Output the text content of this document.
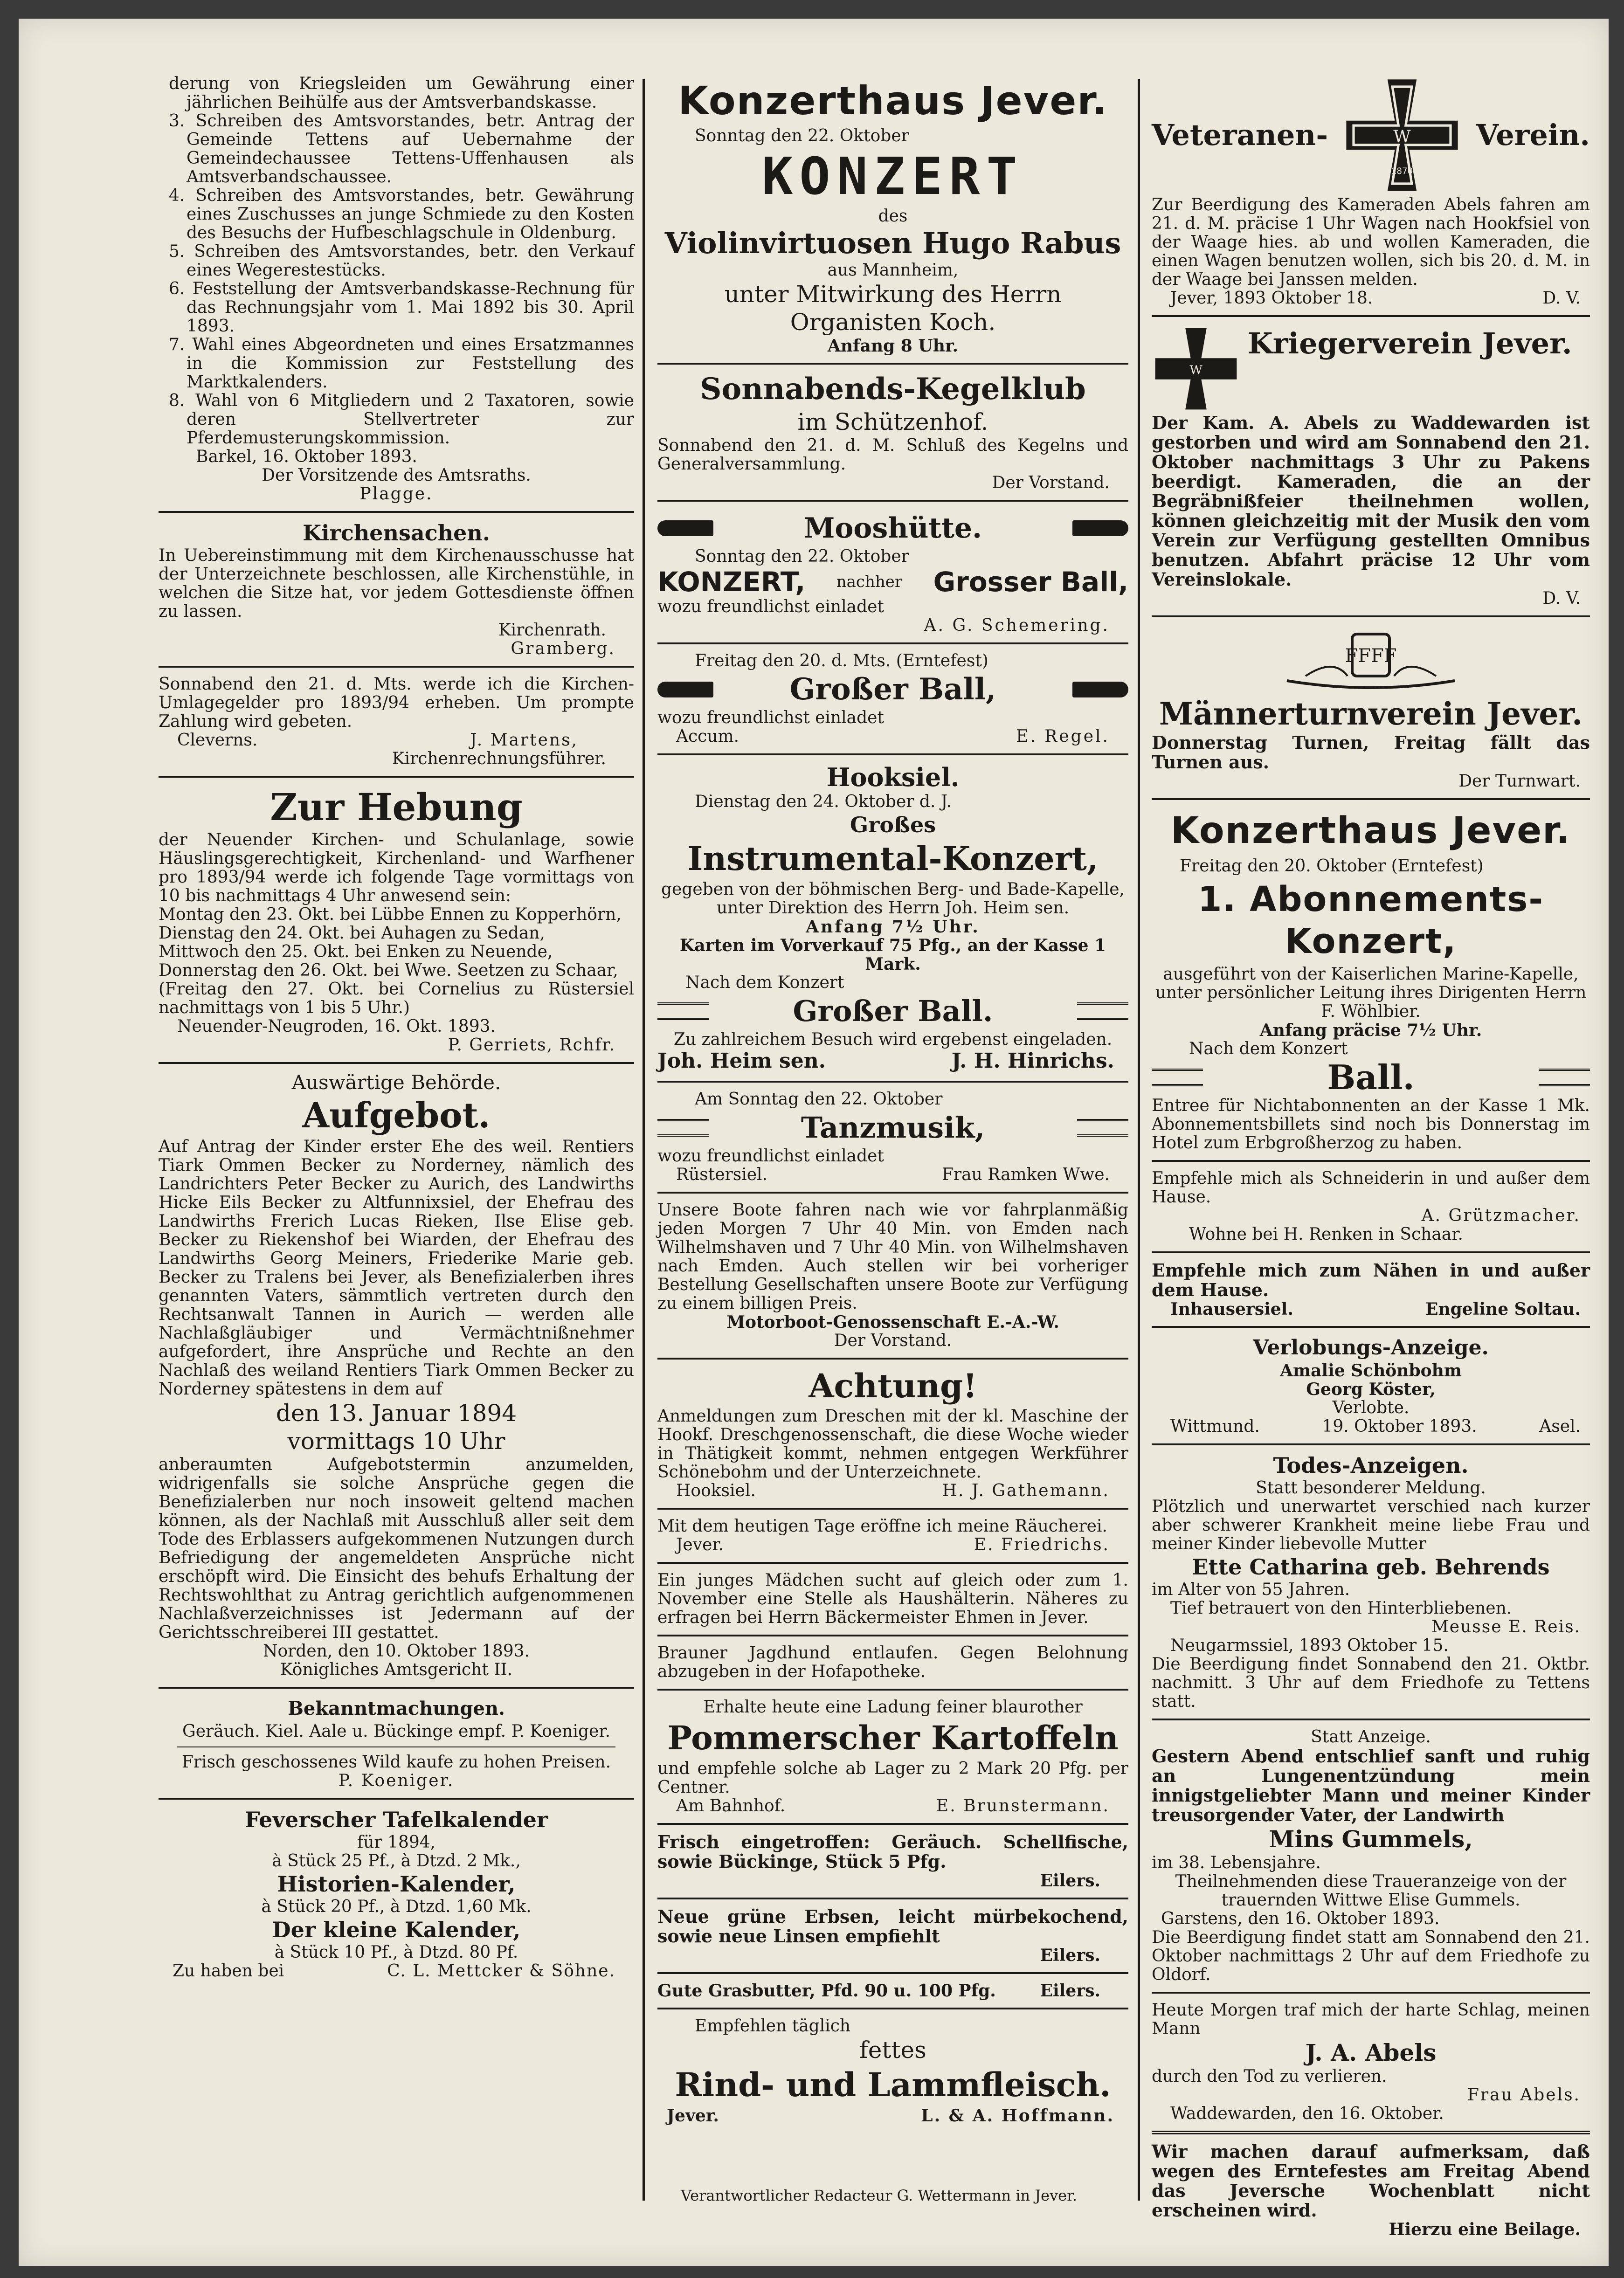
derung von Kriegsleiden um Gewährung einer jährlichen Beihülfe aus der Amtsverbandskasse.

3. Schreiben des Amtsvorstandes, betr. Antrag der Gemeinde Tettens auf Uebernahme der Gemeindechaussee Tettens-Uffenhausen als Amtsverbandschaussee.

4. Schreiben des Amtsvorstandes, betr. Gewährung eines Zuschusses an junge Schmiede zu den Kosten des Besuchs der Hufbeschlagschule in Oldenburg.

5. Schreiben des Amtsvorstandes, betr. den Verkauf eines Wegerestestücks.

6. Feststellung der Amtsverbandskasse-Rechnung für das Rechnungsjahr vom 1. Mai 1892 bis 30. April 1893.

7. Wahl eines Abgeordneten und eines Ersatzmannes in die Kommission zur Feststellung des Marktkalenders.

8. Wahl von 6 Mitgliedern und 2 Taxatoren, sowie deren Stellvertreter zur Pferdemusterungskommission.

Barkel, 16. Oktober 1893.

Der Vorsitzende des Amtsraths.

Plagge.

Kirchensachen.

In Uebereinstimmung mit dem Kirchenausschusse hat der Unterzeichnete beschlossen, alle Kirchenstühle, in welchen die Sitze hat, vor jedem Gottesdienste öffnen zu lassen.

Kirchenrath.

Gramberg.

Sonnabend den 21. d. Mts. werde ich die Kirchen-Umlagegelder pro 1893/94 erheben. Um prompte Zahlung wird gebeten.

Cleverns.	J. Martens,

Kirchenrechnungsführer.

Zur Hebung

der Neuender Kirchen- und Schulanlage, sowie Häuslingsgerechtigkeit, Kirchenland- und Warfhener pro 1893/94 werde ich folgende Tage vormittags von 10 bis nachmittags 4 Uhr anwesend sein:

Montag den 23. Okt. bei Lübbe Ennen zu Kopperhörn,

Dienstag den 24. Okt. bei Auhagen zu Sedan,

Mittwoch den 25. Okt. bei Enken zu Neuende,

Donnerstag den 26. Okt. bei Wwe. Seetzen zu Schaar,

(Freitag den 27. Okt. bei Cornelius zu Rüstersiel nachmittags von 1 bis 5 Uhr.)

Neuender-Neugroden, 16. Okt. 1893.

P. Gerriets, Rchfr.

Auswärtige Behörde.

Aufgebot.

Auf Antrag der Kinder erster Ehe des weil. Rentiers Tiark Ommen Becker zu Norderney, nämlich des Landrichters Peter Becker zu Aurich, des Landwirths Hicke Eils Becker zu Altfunnixsiel, der Ehefrau des Landwirths Frerich Lucas Rieken, Ilse Elise geb. Becker zu Riekenshof bei Wiarden, der Ehefrau des Landwirths Georg Meiners, Friederike Marie geb. Becker zu Tralens bei Jever, als Benefizialerben ihres genannten Vaters, sämmtlich vertreten durch den Rechtsanwalt Tannen in Aurich — werden alle Nachlaßgläubiger und Vermächtnißnehmer aufgefordert, ihre Ansprüche und Rechte an den Nachlaß des weiland Rentiers Tiark Ommen Becker zu Norderney spätestens in dem auf

den 13. Januar 1894
vormittags 10 Uhr

anberaumten Aufgebotstermin anzumelden, widrigenfalls sie solche Ansprüche gegen die Benefizialerben nur noch insoweit geltend machen können, als der Nachlaß mit Ausschluß aller seit dem Tode des Erblassers aufgekommenen Nutzungen durch Befriedigung der angemeldeten Ansprüche nicht erschöpft wird. Die Einsicht des behufs Erhaltung der Rechtswohlthat zu Antrag gerichtlich aufgenommenen Nachlaßverzeichnisses ist Jedermann auf der Gerichtsschreiberei III gestattet.

Norden, den 10. Oktober 1893.

Königliches Amtsgericht II.

Bekanntmachungen.

Geräuch. Kiel. Aale u. Bückinge empf. P. Koeniger.

Frisch geschossenes Wild kaufe zu hohen Preisen.

P. Koeniger.

Feverscher Tafelkalender

für 1894,

à Stück 25 Pf., à Dtzd. 2 Mk.,

Historien-Kalender,

à Stück 20 Pf., à Dtzd. 1,60 Mk.

Der kleine Kalender,

à Stück 10 Pf., à Dtzd. 80 Pf.

Zu haben bei	C. L. Mettcker & Söhne.
Konzerthaus Jever.

Sonntag den 22. Oktober

KONZERT

des

Violinvirtuosen Hugo Rabus

aus Mannheim,

unter Mitwirkung des Herrn
Organisten Koch.

Anfang 8 Uhr.

Sonnabends-Kegelklub
im Schützenhof.

Sonnabend den 21. d. M. Schluß des Kegelns und Generalversammlung.

Der Vorstand.

Mooshütte.

Sonntag den 22. Oktober

KONZERT, nachher Grosser Ball,

wozu freundlichst einladet

A. G. Schemering.

Freitag den 20. d. Mts. (Erntefest)

Großer Ball,

wozu freundlichst einladet

Accum.	E. Regel.
Hooksiel.

Dienstag den 24. Oktober d. J.

Großes
Instrumental-Konzert,

gegeben von der böhmischen Berg- und Bade-Kapelle, unter Direktion des Herrn Joh. Heim sen.

Anfang 7½ Uhr.

Karten im Vorverkauf 75 Pfg., an der Kasse 1 Mark.

Nach dem Konzert

Großer Ball.

Zu zahlreichem Besuch wird ergebenst eingeladen.

Joh. Heim sen.	J. H. Hinrichs.

Am Sonntag den 22. Oktober

Tanzmusik,

wozu freundlichst einladet

Rüstersiel.	Frau Ramken Wwe.

Unsere Boote fahren nach wie vor fahrplanmäßig jeden Morgen 7 Uhr 40 Min. von Emden nach Wilhelmshaven und 7 Uhr 40 Min. von Wilhelmshaven nach Emden. Auch stellen wir bei vorheriger Bestellung Gesellschaften unsere Boote zur Verfügung zu einem billigen Preis.

Motorboot-Genossenschaft E.-A.-W.

Der Vorstand.

Achtung!

Anmeldungen zum Dreschen mit der kl. Maschine der Hookf. Dreschgenossenschaft, die diese Woche wieder in Thätigkeit kommt, nehmen entgegen Werkführer Schönebohm und der Unterzeichnete.

Hooksiel.	H. J. Gathemann.

Mit dem heutigen Tage eröffne ich meine Räucherei.

Jever.	E. Friedrichs.

Ein junges Mädchen sucht auf gleich oder zum 1. November eine Stelle als Haushälterin. Näheres zu erfragen bei Herrn Bäckermeister Ehmen in Jever.

Brauner Jagdhund entlaufen. Gegen Belohnung abzugeben in der Hofapotheke.

Erhalte heute eine Ladung feiner blaurother

Pommerscher Kartoffeln

und empfehle solche ab Lager zu 2 Mark 20 Pfg. per Centner.

Am Bahnhof.	E. Brunstermann.

Frisch eingetroffen: Geräuch. Schellfische, sowie Bückinge, Stück 5 Pfg.

Eilers.

Neue grüne Erbsen, leicht mürbekochend, sowie neue Linsen empfiehlt

Eilers.

Gute Grasbutter, Pfd. 90 u. 100 Pfg.	Eilers.

Empfehlen täglich

fettes
Rind- und Lammfleisch.
Jever.	L. & A. Hoffmann.
Verantwortlicher Redacteur G. Wettermann in Jever.
Veteranen-	W
1870
Verein.

Zur Beerdigung des Kameraden Abels fahren am 21. d. M. präcise 1 Uhr Wagen nach Hookfsiel von der Waage hies. ab und wollen Kameraden, die einen Wagen benutzen wollen, sich bis 20. d. M. in der Waage bei Janssen melden.

Jever, 1893 Oktober 18.	D. V.
W
Kriegerverein Jever.

Der Kam. A. Abels zu Waddewarden ist gestorben und wird am Sonnabend den 21. Oktober nachmittags 3 Uhr zu Pakens beerdigt. Kameraden, die an der Begräbnißfeier theilnehmen wollen, können gleichzeitig mit der Musik den vom Verein zur Verfügung gestellten Omnibus benutzen. Abfahrt präcise 12 Uhr vom Vereinslokale.

D. V.

FFFF
Männerturnverein Jever.

Donnerstag Turnen, Freitag fällt das Turnen aus.

Der Turnwart.

Konzerthaus Jever.

Freitag den 20. Oktober (Erntefest)

1. Abonnements-Konzert,

ausgeführt von der Kaiserlichen Marine-Kapelle, unter persönlicher Leitung ihres Dirigenten Herrn F. Wöhlbier.

Anfang präcise 7½ Uhr.

Nach dem Konzert

Ball.

Entree für Nichtabonnenten an der Kasse 1 Mk. Abonnementsbillets sind noch bis Donnerstag im Hotel zum Erbgroßherzog zu haben.

Empfehle mich als Schneiderin in und außer dem Hause.

A. Grützmacher.

Wohne bei H. Renken in Schaar.

Empfehle mich zum Nähen in und außer dem Hause.

Inhausersiel.	Engeline Soltau.
Verlobungs-Anzeige.

Amalie Schönbohm

Georg Köster,

Verlobte.

Wittmund.	19. Oktober 1893.	Asel.
Todes-Anzeigen.

Statt besonderer Meldung.

Plötzlich und unerwartet verschied nach kurzer aber schwerer Krankheit meine liebe Frau und meiner Kinder liebevolle Mutter

Ette Catharina geb. Behrends

im Alter von 55 Jahren.

Tief betrauert von den Hinterbliebenen.

Meusse E. Reis.

Neugarmssiel, 1893 Oktober 15.

Die Beerdigung findet Sonnabend den 21. Oktbr. nachmitt. 3 Uhr auf dem Friedhofe zu Tettens statt.

Statt Anzeige.

Gestern Abend entschlief sanft und ruhig an Lungenentzündung mein innigstgeliebter Mann und meiner Kinder treusorgender Vater, der Landwirth

Mins Gummels,

im 38. Lebensjahre.

Theilnehmenden diese Traueranzeige von der trauernden Wittwe Elise Gummels.

Garstens, den 16. Oktober 1893.

Die Beerdigung findet statt am Sonnabend den 21. Oktober nachmittags 2 Uhr auf dem Friedhofe zu Oldorf.

Heute Morgen traf mich der harte Schlag, meinen Mann

J. A. Abels

durch den Tod zu verlieren.

Frau Abels.

Waddewarden, den 16. Oktober.

Wir machen darauf aufmerksam, daß wegen des Erntefestes am Freitag Abend das Jeversche Wochenblatt nicht erscheinen wird.

Hierzu eine Beilage.
